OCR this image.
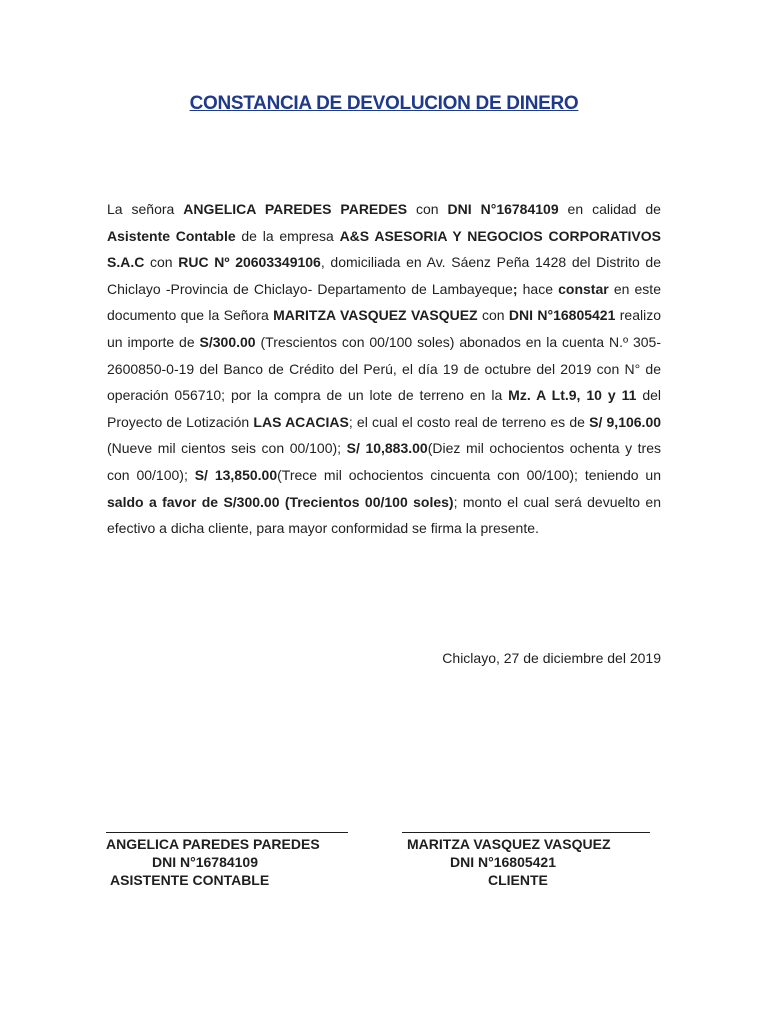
CONSTANCIA DE DEVOLUCION DE DINERO
La señora ANGELICA PAREDES PAREDES con DNI N°16784109 en calidad de Asistente Contable de la empresa A&S ASESORIA Y NEGOCIOS CORPORATIVOS S.A.C con RUC Nº 20603349106, domiciliada en Av. Sáenz Peña 1428 del Distrito de Chiclayo -Provincia de Chiclayo- Departamento de Lambayeque; hace constar en este documento que la Señora MARITZA VASQUEZ VASQUEZ con DNI N°16805421 realizo un importe de S/300.00 (Trescientos con 00/100 soles) abonados en la cuenta N.º 305-2600850-0-19 del Banco de Crédito del Perú, el día 19 de octubre del 2019 con N° de operación 056710; por la compra de un lote de terreno en la Mz. A Lt.9, 10 y 11 del Proyecto de Lotización LAS ACACIAS; el cual el costo real de terreno es de S/ 9,106.00 (Nueve mil cientos seis con 00/100); S/ 10,883.00(Diez mil ochocientos ochenta y tres con 00/100); S/ 13,850.00(Trece mil ochocientos cincuenta con 00/100); teniendo un saldo a favor de S/300.00 (Trecientos 00/100 soles); monto el cual será devuelto en efectivo a dicha cliente, para mayor conformidad se firma la presente.
Chiclayo, 27 de diciembre del 2019
ANGELICA PAREDES PAREDES
DNI N°16784109
ASISTENTE CONTABLE
MARITZA VASQUEZ VASQUEZ
DNI N°16805421
CLIENTE
